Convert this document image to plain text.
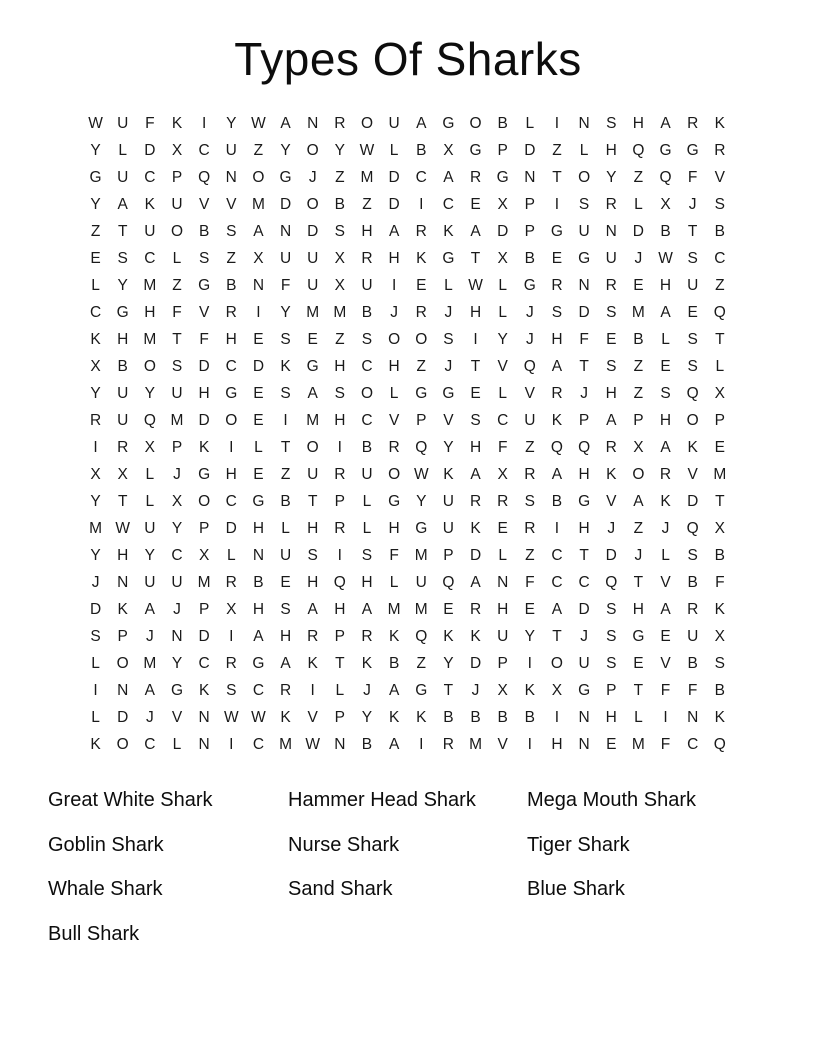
Types Of Sharks
W U	F	K	I	Y W A	N	R	O	U	A	G O	B	L	I	N	S	H	A	R	K
Y	L	D	X	C	U	Z	Y	O	Y W	L	B	X	G	P	D	Z	L	H	Q G G	R
G	U	C	P	Q	N	O G	J	Z	M D	C	A	R	G	N	T	O	Y	Z	Q	F	V
Y	A	K	U	V	V	M D	O	B	Z	D	I	C	E	X	P	I	S	R	L	X	J	S
Z	T	U	O	B	S	A	N	D	S	H	A	R	K	A	D	P	G	U	N	D	B	T	B
E	S	C	L	S	Z	X	U	U	X	R	H	K	G	T	X	B	E	G	U	J	W S	C
L	Y	M	Z	G	B	N	F	U	X	U	I	E	L	W	L	G	R	N	R	E	H	U	Z
C	G	H	F	V	R	I	Y	M M	B	J	R	J	H	L	J	S	D	S	M	A	E	Q
K	H M	T	F	H	E	S	E	Z	S	O O	S	I	Y	J	H	F	E	B	L	S	T
X	B	O	S	D	C	D	K	G	H	C	H	Z	J	T	V	Q	A	T	S	Z	E	S	L
Y	U	Y	U	H	G	E	S	A	S	O	L	G G	E	L	V	R	J	H	Z	S	Q	X
R	U	Q M D	O	E	I	M H	C	V	P	V	S	C	U	K	P	A	P	H	O	P
I	R	X	P	K	I	L	T	O	I	B	R	Q	Y	H	F	Z	Q Q	R	X	A	K	E
X	X	L	J	G	H	E	Z	U	R	U	O W K	A	X	R	A	H	K	O	R	V	M
Y	T	L	X	O	C	G	B	T	P	L	G	Y	U	R	R	S	B	G	V	A	K	D	T
M W U	Y	P	D	H	L	H	R	L	H	G	U	K	E	R	I	H	J	Z	J	Q	X
Y	H	Y	C	X	L	N	U	S	I	S	F	M	P	D	L	Z	C	T	D	J	L	S	B
J	N	U	U M R	B	E	H	Q	H	L	U	Q	A	N	F	C	C	Q	T	V	B	F
D	K	A	J	P	X	H	S	A	H	A	M M	E	R	H	E	A	D	S	H	A	R	K
S	P	J	N	D	I	A	H	R	P	R	K	Q	K	K	U	Y	T	J	S	G	E	U	X
L	O M	Y	C	R	G	A	K	T	K	B	Z	Y	D	P	I	O	U	S	E	V	B	S
I	N	A	G	K	S	C	R	I	L	J	A	G	T	J	X	K	X	G	P	T	F	F	B
L	D	J	V	N W W K	V	P	Y	K	K	B	B	B	B	I	N	H	L	I	N	K
K	O	C	L	N	I	C M W N	B	A	I	R M	V	I	H	N	E	M	F	C	Q
Great White Shark
Goblin Shark
Whale Shark
Bull Shark
Hammer Head Shark
Nurse Shark
Sand Shark
Mega Mouth Shark
Tiger Shark
Blue Shark
